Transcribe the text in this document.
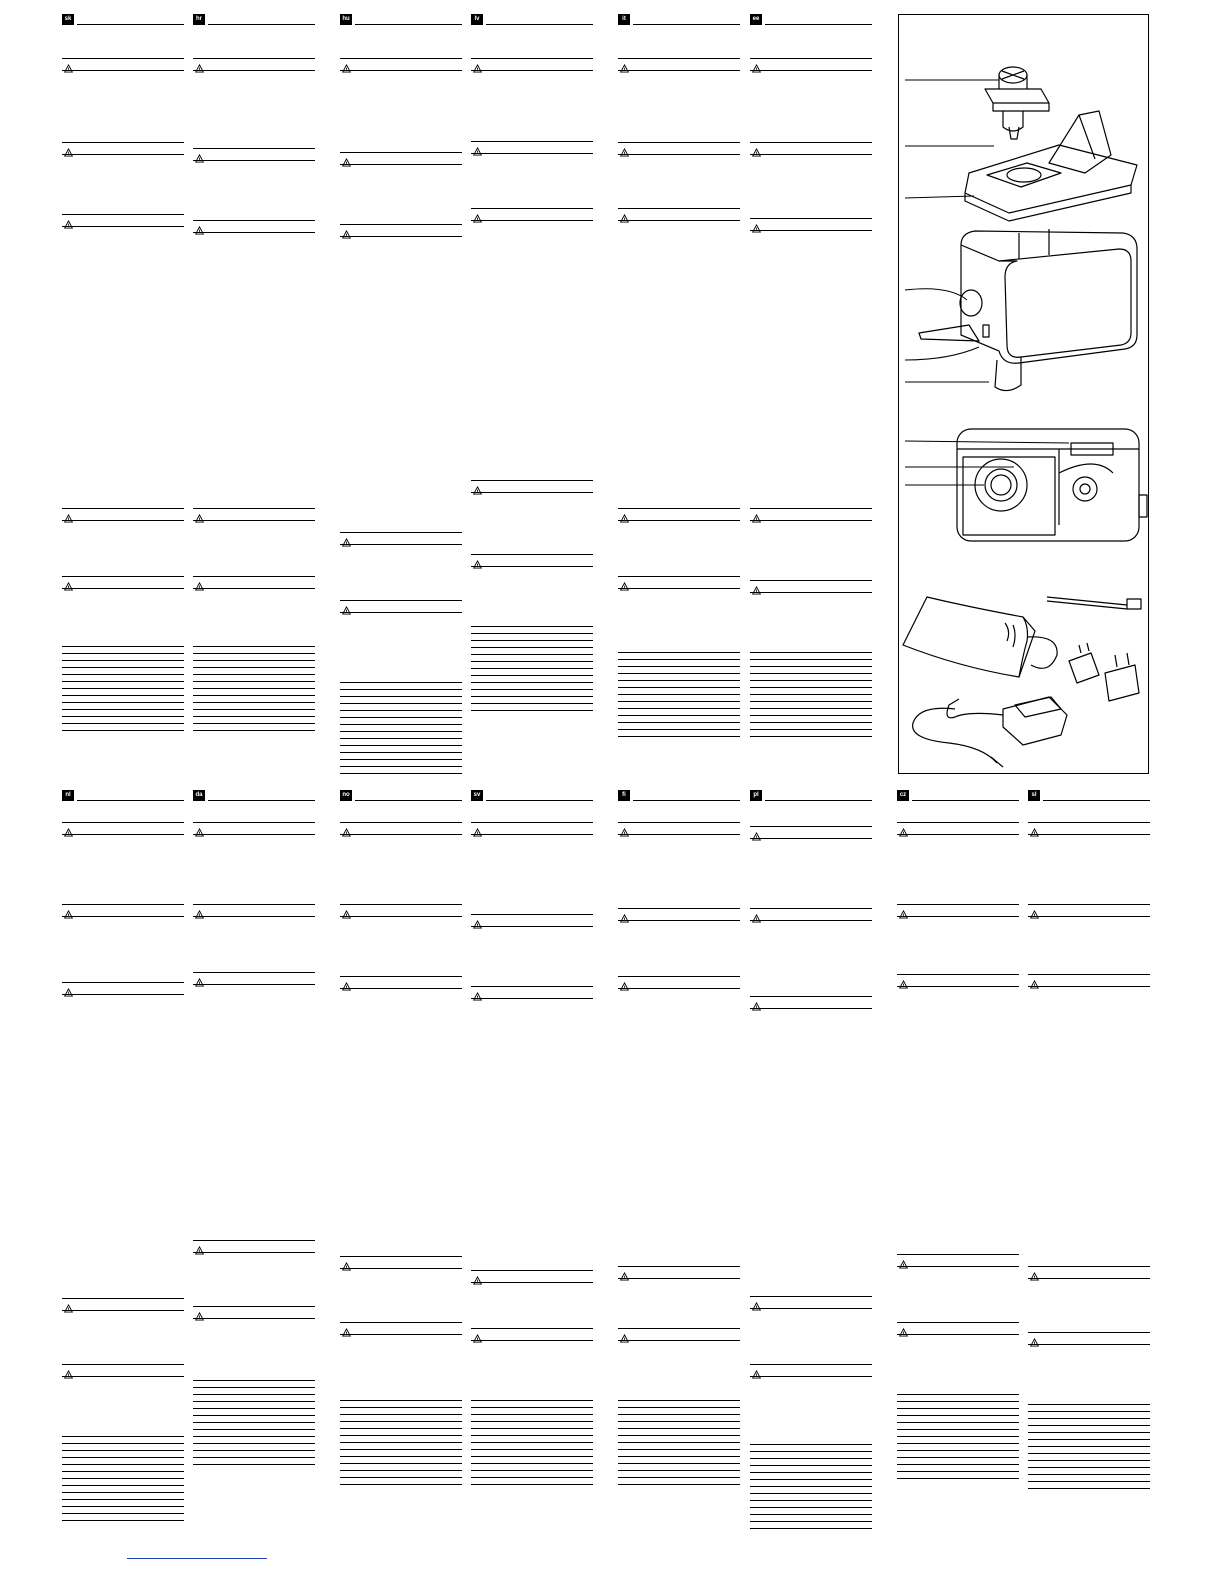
sk	hr	hu	lv	it	ee
nl	da	no	sv	fi	pl	cz	sl
